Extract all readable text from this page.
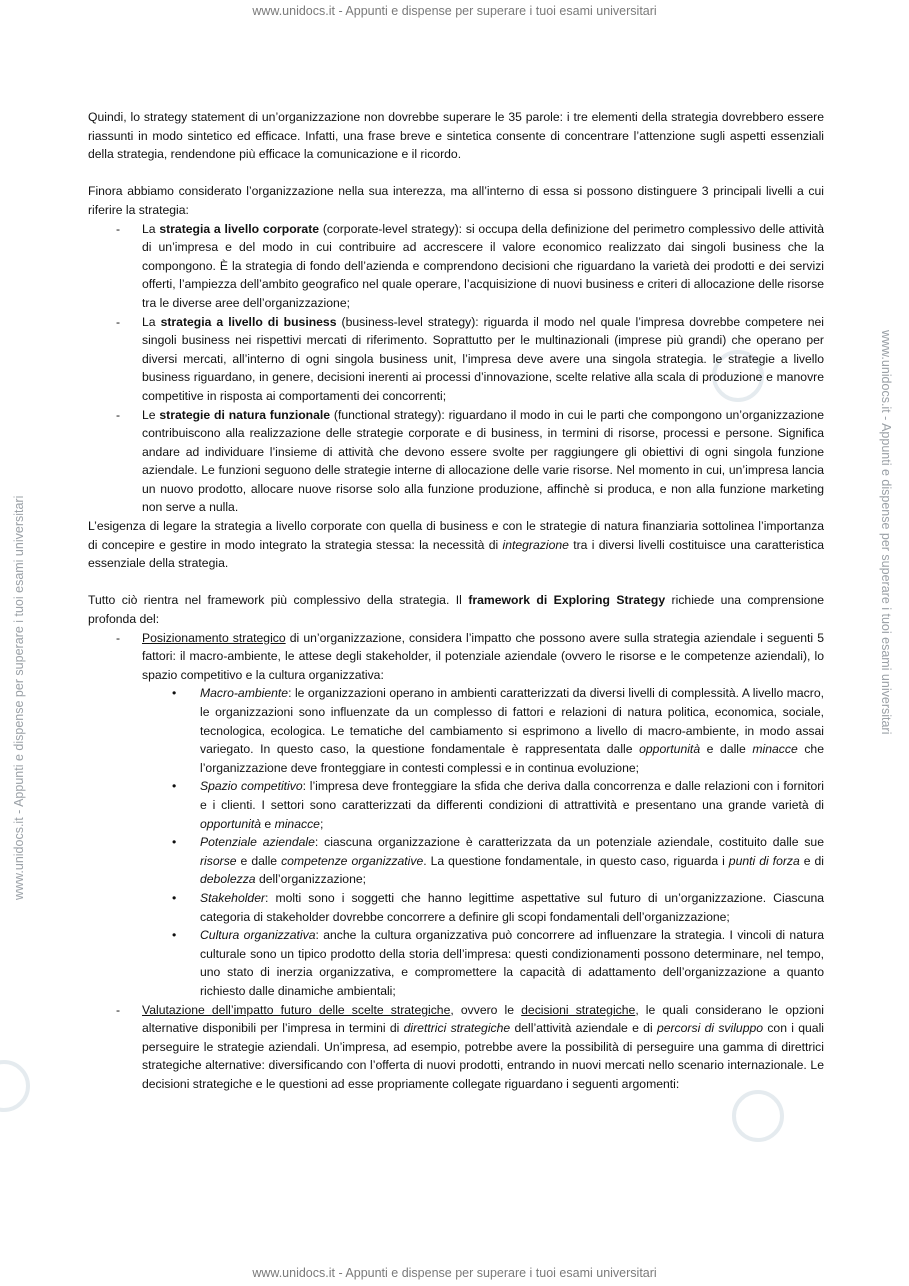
www.unidocs.it - Appunti e dispense per superare i tuoi esami universitari
www.unidocs.it - Appunti e dispense per superare i tuoi esami universitari
www.unidocs.it - Appunti e dispense per superare i tuoi esami universitari	www.unidocs.it - Appunti e dispense per superare i tuoi esami universitari

Quindi, lo strategy statement di un’organizzazione non dovrebbe superare le 35 parole: i tre elementi della strategia dovrebbero essere riassunti in modo sintetico ed efficace. Infatti, una frase breve e sintetica consente di concentrare l’attenzione sugli aspetti essenziali della strategia, rendendone più efficace la comunicazione e il ricordo.

Finora abbiamo considerato l’organizzazione nella sua interezza, ma all’interno di essa si possono distinguere 3 principali livelli a cui riferire la strategia:

- La strategia a livello corporate (corporate-level strategy): si occupa della definizione del perimetro complessivo delle attività di un’impresa e del modo in cui contribuire ad accrescere il valore economico realizzato dai singoli business che la compongono. È la strategia di fondo dell’azienda e comprendono decisioni che riguardano la varietà dei prodotti e dei servizi offerti, l’ampiezza dell’ambito geografico nel quale operare, l’acquisizione di nuovi business e criteri di allocazione delle risorse tra le diverse aree dell’organizzazione;
- La strategia a livello di business (business-level strategy): riguarda il modo nel quale l’impresa dovrebbe competere nei singoli business nei rispettivi mercati di riferimento. Soprattutto per le multinazionali (imprese più grandi) che operano per diversi mercati, all’interno di ogni singola business unit, l’impresa deve avere una singola strategia. le strategie a livello business riguardano, in genere, decisioni inerenti ai processi d’innovazione, scelte relative alla scala di produzione e manovre competitive in risposta ai comportamenti dei concorrenti;
- Le strategie di natura funzionale (functional strategy): riguardano il modo in cui le parti che compongono un’organizzazione contribuiscono alla realizzazione delle strategie corporate e di business, in termini di risorse, processi e persone. Significa andare ad individuare l’insieme di attività che devono essere svolte per raggiungere gli obiettivi di ogni singola funzione aziendale. Le funzioni seguono delle strategie interne di allocazione delle varie risorse. Nel momento in cui, un’impresa lancia un nuovo prodotto, allocare nuove risorse solo alla funzione produzione, affinchè si produca, e non alla funzione marketing non serve a nulla.

L’esigenza di legare la strategia a livello corporate con quella di business e con le strategie di natura finanziaria sottolinea l’importanza di concepire e gestire in modo integrato la strategia stessa: la necessità di integrazione tra i diversi livelli costituisce una caratteristica essenziale della strategia.

Tutto ciò rientra nel framework più complessivo della strategia. Il framework di Exploring Strategy richiede una comprensione profonda del:

- Posizionamento strategico di un’organizzazione, considera l’impatto che possono avere sulla strategia aziendale i seguenti 5 fattori: il macro-ambiente, le attese degli stakeholder, il potenziale aziendale (ovvero le risorse e le competenze aziendali), lo spazio competitivo e la cultura organizzativa:
• Macro-ambiente: le organizzazioni operano in ambienti caratterizzati da diversi livelli di complessità. A livello macro, le organizzazioni sono influenzate da un complesso di fattori e relazioni di natura politica, economica, sociale, tecnologica, ecologica. Le tematiche del cambiamento si esprimono a livello di macro-ambiente, in modo assai variegato. In questo caso, la questione fondamentale è rappresentata dalle opportunità e dalle minacce che l’organizzazione deve fronteggiare in contesti complessi e in continua evoluzione;
• Spazio competitivo: l’impresa deve fronteggiare la sfida che deriva dalla concorrenza e dalle relazioni con i fornitori e i clienti. I settori sono caratterizzati da differenti condizioni di attrattività e presentano una grande varietà di opportunità e minacce;
• Potenziale aziendale: ciascuna organizzazione è caratterizzata da un potenziale aziendale, costituito dalle sue risorse e dalle competenze organizzative. La questione fondamentale, in questo caso, riguarda i punti di forza e di debolezza dell’organizzazione;
• Stakeholder: molti sono i soggetti che hanno legittime aspettative sul futuro di un’organizzazione. Ciascuna categoria di stakeholder dovrebbe concorrere a definire gli scopi fondamentali dell’organizzazione;
• Cultura organizzativa: anche la cultura organizzativa può concorrere ad influenzare la strategia. I vincoli di natura culturale sono un tipico prodotto della storia dell’impresa: questi condizionamenti possono determinare, nel tempo, uno stato di inerzia organizzativa, e compromettere la capacità di adattamento dell’organizzazione a quanto richiesto dalle dinamiche ambientali;
- Valutazione dell’impatto futuro delle scelte strategiche, ovvero le decisioni strategiche, le quali considerano le opzioni alternative disponibili per l’impresa in termini di direttrici strategiche dell’attività aziendale e di percorsi di sviluppo con i quali perseguire le strategie aziendali. Un’impresa, ad esempio, potrebbe avere la possibilità di perseguire una gamma di direttrici strategiche alternative: diversificando con l’offerta di nuovi prodotti, entrando in nuovi mercati nello scenario internazionale. Le decisioni strategiche e le questioni ad esse propriamente collegate riguardano i seguenti argomenti:
